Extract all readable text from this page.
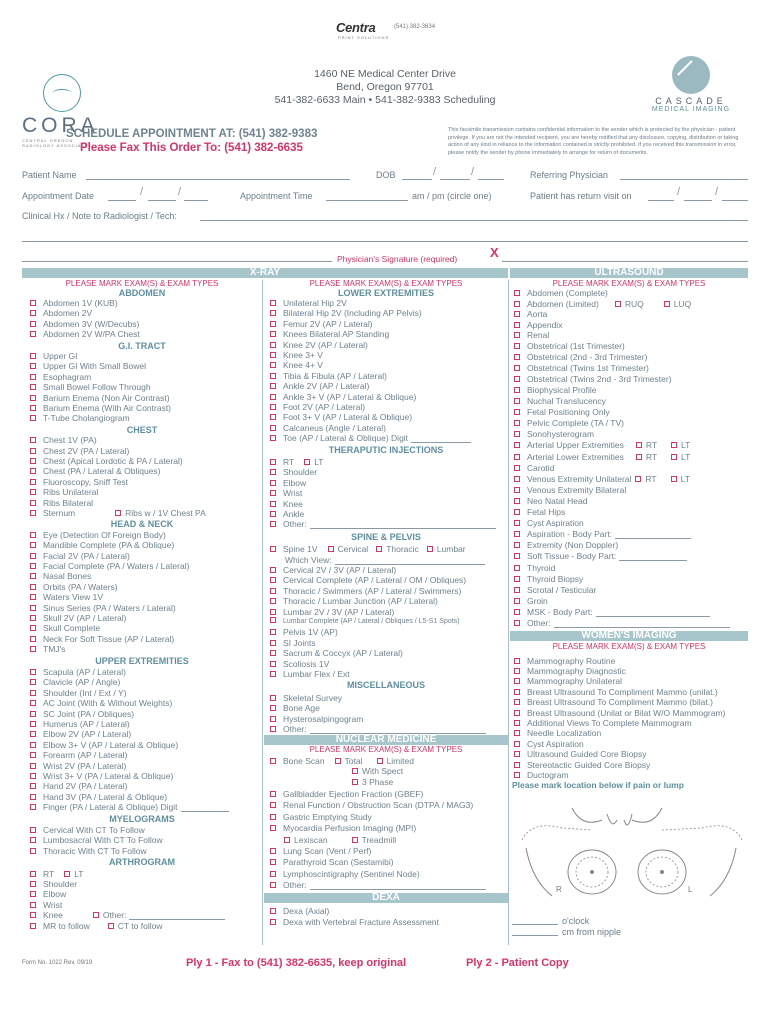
Centra	(541) 382-3634
PRINT SOLUTIONS
CORA
CENTRAL OREGON
RADIOLOGY ASSOCIATES
1460 NE Medical Center Drive
Bend, Oregon 97701
541-382-6633 Main • 541-382-9383 Scheduling	CASCADE
MEDICAL IMAGING
SCHEDULE APPOINTMENT AT: (541) 382-9383
Please Fax This Order To: (541) 382-6635
This facsimile transmission contains confidential information to the sender which is protected by the physician - patient privilege. If you are not the intended recipient, you are hereby notified that any disclosure, copying, distribution or taking action of any kind in reliance to the information contained is strictly prohibited. If you received this transmission in error, please notify the sender by phone immediately to arrange for return of documents.
Patient Name	DOB	/	/	Referring Physician
Appointment Date	/	/	Appointment Time	am / pm (circle one)	Patient has return visit on	/	/
Clinical Hx / Note to Radiologist / Tech:
Physician's Signature (required)	X
X-RAY	ULTRASOUND
PLEASE MARK EXAM(S) & EXAM TYPES	PLEASE MARK EXAM(S) & EXAM TYPES	PLEASE MARK EXAM(S) & EXAM TYPES
ABDOMEN	LOWER EXTREMITIES
R	L
o'clock
cm from nipple
Form No. 1022 Rev. 09/19	Ply 1 - Fax to (541) 382-6635, keep original	Ply 2 - Patient Copy
Abdomen 1V (KUB)
Abdomen 2V
Abdomen 3V (W/Decubs)
Abdomen 2V W/PA Chest
G.I. TRACT
Upper GI
Upper GI With Small Bowel
Esophagram
Small Bowel Follow Through
Barium Enema (Non Air Contrast)
Barium Enema (With Air Contrast)
T-Tube Cholangiogram
CHEST
Chest 1V (PA)
Chest 2V (PA / Lateral)
Chest (Apical Lordotic & PA / Lateral)
Chest (PA / Lateral & Obliques)
Fluoroscopy, Sniff Test
Ribs Unilateral
Ribs Bilateral
Sternum	Ribs w / 1V Chest PA
HEAD & NECK
Eye (Detection Of Foreign Body)
Mandible Complete (PA & Oblique)
Facial 2V (PA / Lateral)
Facial Complete (PA / Waters / Lateral)
Nasal Bones
Orbits (PA / Waters)
Waters View 1V
Sinus Series (PA / Waters / Lateral)
Skull 2V (AP / Lateral)
Skull Complete
Neck For Soft Tissue (AP / Lateral)
TMJ's
UPPER EXTREMITIES
Scapula (AP / Lateral)
Clavicle (AP / Angle)
Shoulder (Int / Ext / Y)
AC Joint (With & Without Weights)
SC Joint (PA / Obliques)
Humerus (AP / Lateral)
Elbow 2V (AP / Lateral)
Elbow 3+ V (AP / Lateral & Oblique)
Forearm (AP / Lateral)
Wrist 2V (PA / Lateral)
Wrist 3+ V (PA / Lateral & Oblique)
Hand 2V (PA / Lateral)
Hand 3V (PA / Lateral & Oblique)
Finger (PA / Lateral & Oblique) Digit
MYELOGRAMS
Cervical With CT To Follow
Lumbosacral With CT To Follow
Thoracic With CT To Follow
ARTHROGRAM
RT LT
Shoulder
Elbow
Wrist
Knee	Other:
MR to follow	CT to follow
Unilateral Hip 2V
Bilateral Hip 2V (Including AP Pelvis)
Femur 2V (AP / Lateral)
Knees Bilateral AP Standing
Knee 2V (AP / Lateral)
Knee 3+ V
Knee 4+ V
Tibia & Fibula (AP / Lateral)
Ankle 2V (AP / Lateral)
Ankle 3+ V (AP / Lateral & Oblique)
Foot 2V (AP / Lateral)
Foot 3+ V (AP / Lateral & Oblique)
Calcaneus (Angle / Lateral)
Toe (AP / Lateral & Oblique) Digit
THERAPUTIC INJECTIONS
RT LT
Shoulder
Elbow
Wrist
Knee
Ankle
Other:
SPINE & PELVIS
Spine 1V Cervical Thoracic Lumbar
Which View:
Cervical 2V / 3V (AP / Lateral)
Cervical Complete (AP / Lateral / OM / Obliques)
Thoracic / Swimmers (AP / Lateral / Swimmers)
Thoracic / Lumbar Junction (AP / Lateral)
Lumbar 2V / 3V (AP / Lateral)
Lumbar Complete (AP / Lateral / Obliques / L5-S1 Spots)
Pelvis 1V (AP)
SI Joints
Sacrum & Coccyx (AP / Lateral)
Scoliosis 1V
Lumbar Flex / Ext
MISCELLANEOUS
Skeletal Survey
Bone Age
Hysterosalpingogram
Other:
NUCLEAR MEDICINE
PLEASE MARK EXAM(S) & EXAM TYPES
Bone Scan Total	Limited
With Spect
3 Phase
Gallbladder Ejection Fraction (GBEF)
Renal Function / Obstruction Scan (DTPA / MAG3)
Gastric Emptying Study
Myocardia Perfusion Imaging (MPI)
Lexiscan	Treadmill
Lung Scan (Vent / Perf)
Parathyroid Scan (Sestamibi)
Lymphoscintigraphy (Sentinel Node)
Other:
DEXA
Dexa (Axial)
Dexa with Vertebral Fracture Assessment
Abdomen (Complete)
Abdomen (Limited)	RUQ	LUQ
Aorta
Appendix
Renal
Obstetrical (1st Trimester)
Obstetrical (2nd - 3rd Trimester)
Obstetrical (Twins 1st Trimester)
Obstetrical (Twins 2nd - 3rd Trimester)
Biophysical Profile
Nuchal Translucency
Fetal Positioning Only
Pelvic Complete (TA / TV)
Sonohysterogram
Arterial Upper Extremities	RT	LT
Arterial Lower Extremities	RT	LT
Carotid
Venous Extremity Unilateral RT	LT
Venous Extremity Bilateral
Neo Natal Head
Fetal Hips
Cyst Aspiration
Aspiration - Body Part:
Extremity (Non Doppler)
Soft Tissue - Body Part:
Thyroid
Thyroid Biopsy
Scrotal / Testicular
Groin
MSK - Body Part:
Other:
WOMEN'S IMAGING
PLEASE MARK EXAM(S) & EXAM TYPES
Mammography Routine
Mammography Diagnostic
Mammography Unilateral
Breast Ultrasound To Compliment Mammo (unilat.)
Breast Ultrasound To Compliment Mammo (bilat.)
Breast Ultrasound (Unilat or Bilat W/O Mammogram)
Additional Views To Complete Mammogram
Needle Localization
Cyst Aspiration
Ultrasound Guided Core Biopsy
Stereotactic Guided Core Biopsy
Ductogram
Please mark location below if pain or lump
